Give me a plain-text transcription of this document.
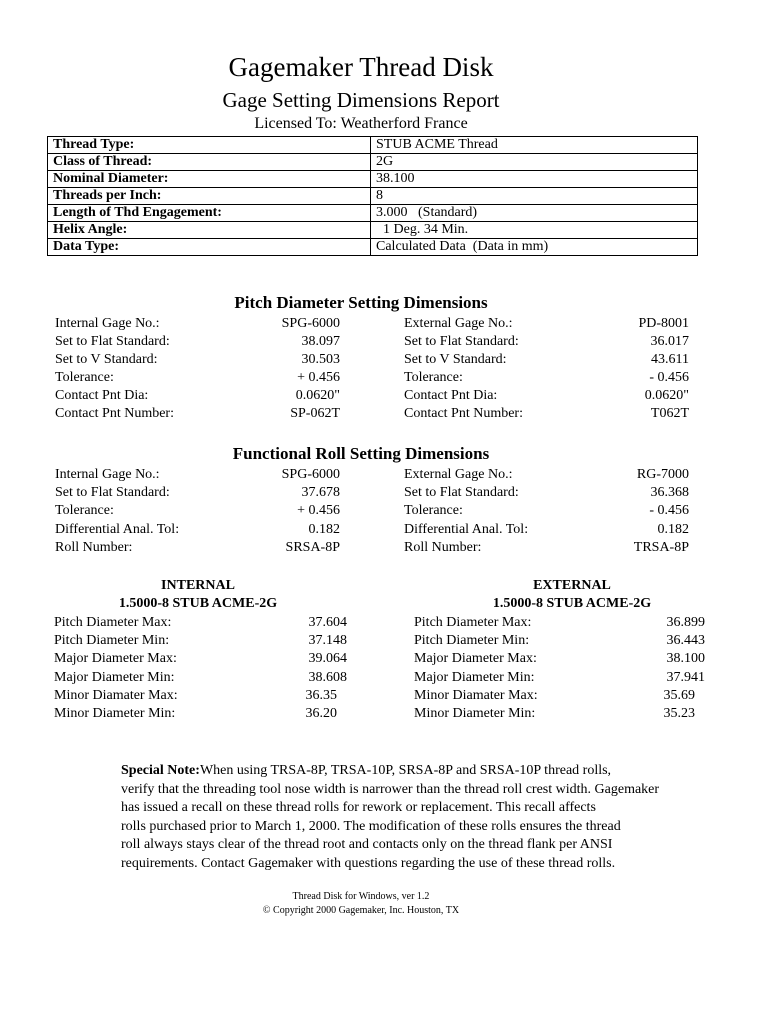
Gagemaker Thread Disk
Gage Setting Dimensions Report
Licensed To: Weatherford France
Thread Type:	STUB ACME Thread
Class of Thread:	2G
Nominal Diameter:	38.100
Threads per Inch:	8
Length of Thd Engagement:	3.000   (Standard)
Helix Angle:	1 Deg. 34 Min.
Data Type:	Calculated Data  (Data in mm)
Pitch Diameter Setting Dimensions
Internal Gage No.:	SPG-6000
Set to Flat Standard:	38.097
Set to V Standard:	30.503
Tolerance:	+ 0.456
Contact Pnt Dia:	0.0620"
Contact Pnt Number:	SP-062T
External Gage No.:	PD-8001
Set to Flat Standard:	36.017
Set to V Standard:	43.611
Tolerance:	- 0.456
Contact Pnt Dia:	0.0620"
Contact Pnt Number:	T062T
Functional Roll Setting Dimensions
Internal Gage No.:	SPG-6000
Set to Flat Standard:	37.678
Tolerance:	+ 0.456
Differential Anal. Tol:	0.182
Roll Number:	SRSA-8P
External Gage No.:	RG-7000
Set to Flat Standard:	36.368
Tolerance:	- 0.456
Differential Anal. Tol:	0.182
Roll Number:	TRSA-8P
INTERNAL
1.5000-8 STUB ACME-2G
EXTERNAL
1.5000-8 STUB ACME-2G
Pitch Diameter Max:	37.604
Pitch Diameter Min:	37.148
Major Diameter Max:	39.064
Major Diameter Min:	38.608
Minor Diamater Max:	36.35
Minor Diameter Min:	36.20
Pitch Diameter Max:	36.899
Pitch Diameter Min:	36.443
Major Diameter Max:	38.100
Major Diameter Min:	37.941
Minor Diamater Max:	35.69
Minor Diameter Min:	35.23
Special Note:When using TRSA-8P, TRSA-10P, SRSA-8P and SRSA-10P thread rolls,
verify that the threading tool nose width is narrower than the thread roll crest width. Gagemaker
has issued a recall on these thread rolls for rework or replacement. This recall affects
rolls purchased prior to March 1, 2000. The modification of these rolls ensures the thread
roll always stays clear of the thread root and contacts only on the thread flank per ANSI
requirements. Contact Gagemaker with questions regarding the use of these thread rolls.
Thread Disk for Windows, ver 1.2
© Copyright 2000 Gagemaker, Inc. Houston, TX
